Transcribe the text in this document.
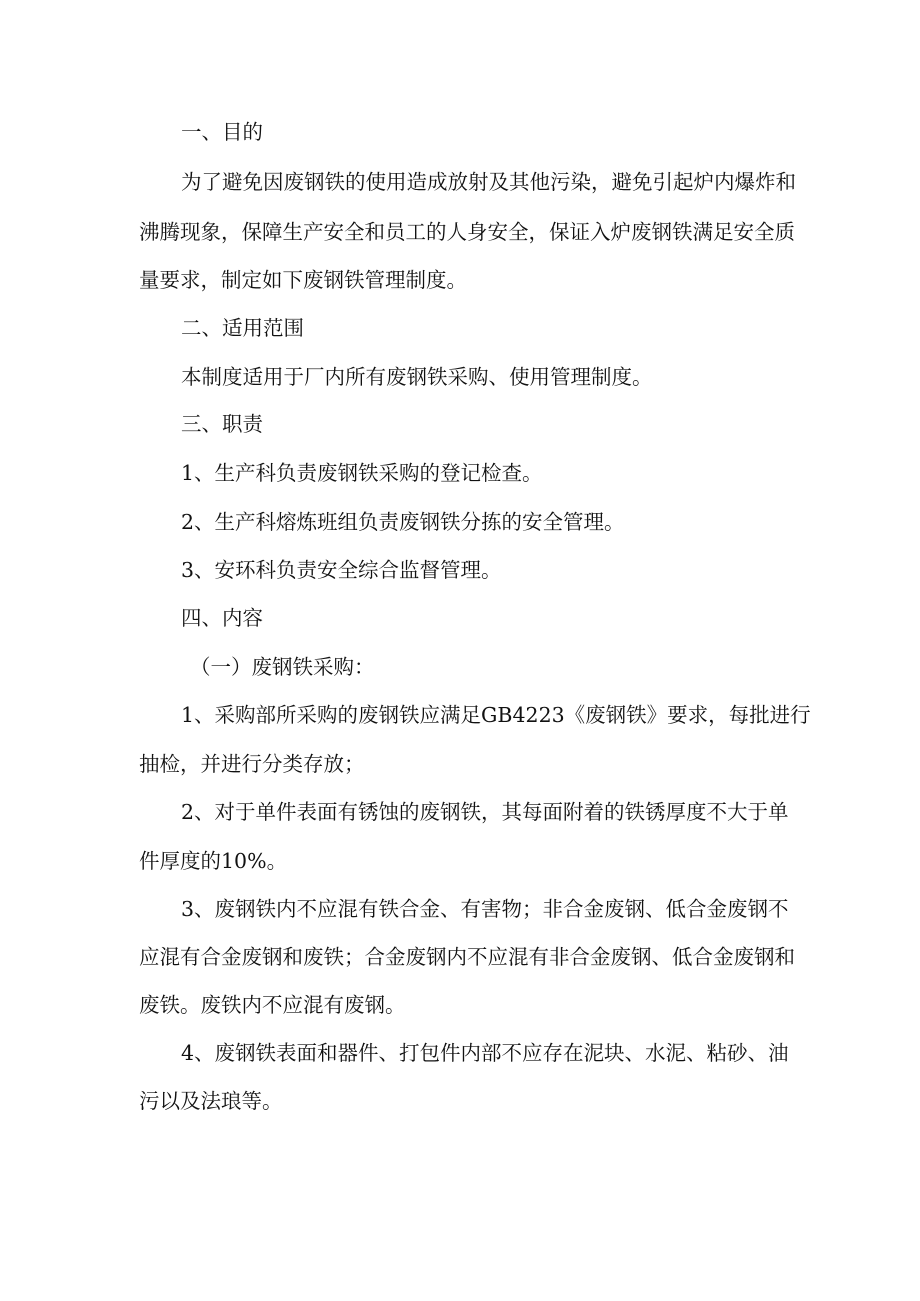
一、目的
为了避免因废钢铁的使用造成放射及其他污染，避免引起炉内爆炸和
沸腾现象，保障生产安全和员工的人身安全，保证入炉废钢铁满足安全质
量要求，制定如下废钢铁管理制度。
二、适用范围
本制度适用于厂内所有废钢铁采购、使用管理制度。
三、职责
1、生产科负责废钢铁采购的登记检查。
2、生产科熔炼班组负责废钢铁分拣的安全管理。
3、安环科负责安全综合监督管理。
四、内容
（一）废钢铁采购：
1、采购部所采购的废钢铁应满足GB4223《废钢铁》要求，每批进行
抽检，并进行分类存放；
2、对于单件表面有锈蚀的废钢铁，其每面附着的铁锈厚度不大于单
件厚度的10%。
3、废钢铁内不应混有铁合金、有害物；非合金废钢、低合金废钢不
应混有合金废钢和废铁；合金废钢内不应混有非合金废钢、低合金废钢和
废铁。废铁内不应混有废钢。
4、废钢铁表面和器件、打包件内部不应存在泥块、水泥、粘砂、油
污以及法琅等。
